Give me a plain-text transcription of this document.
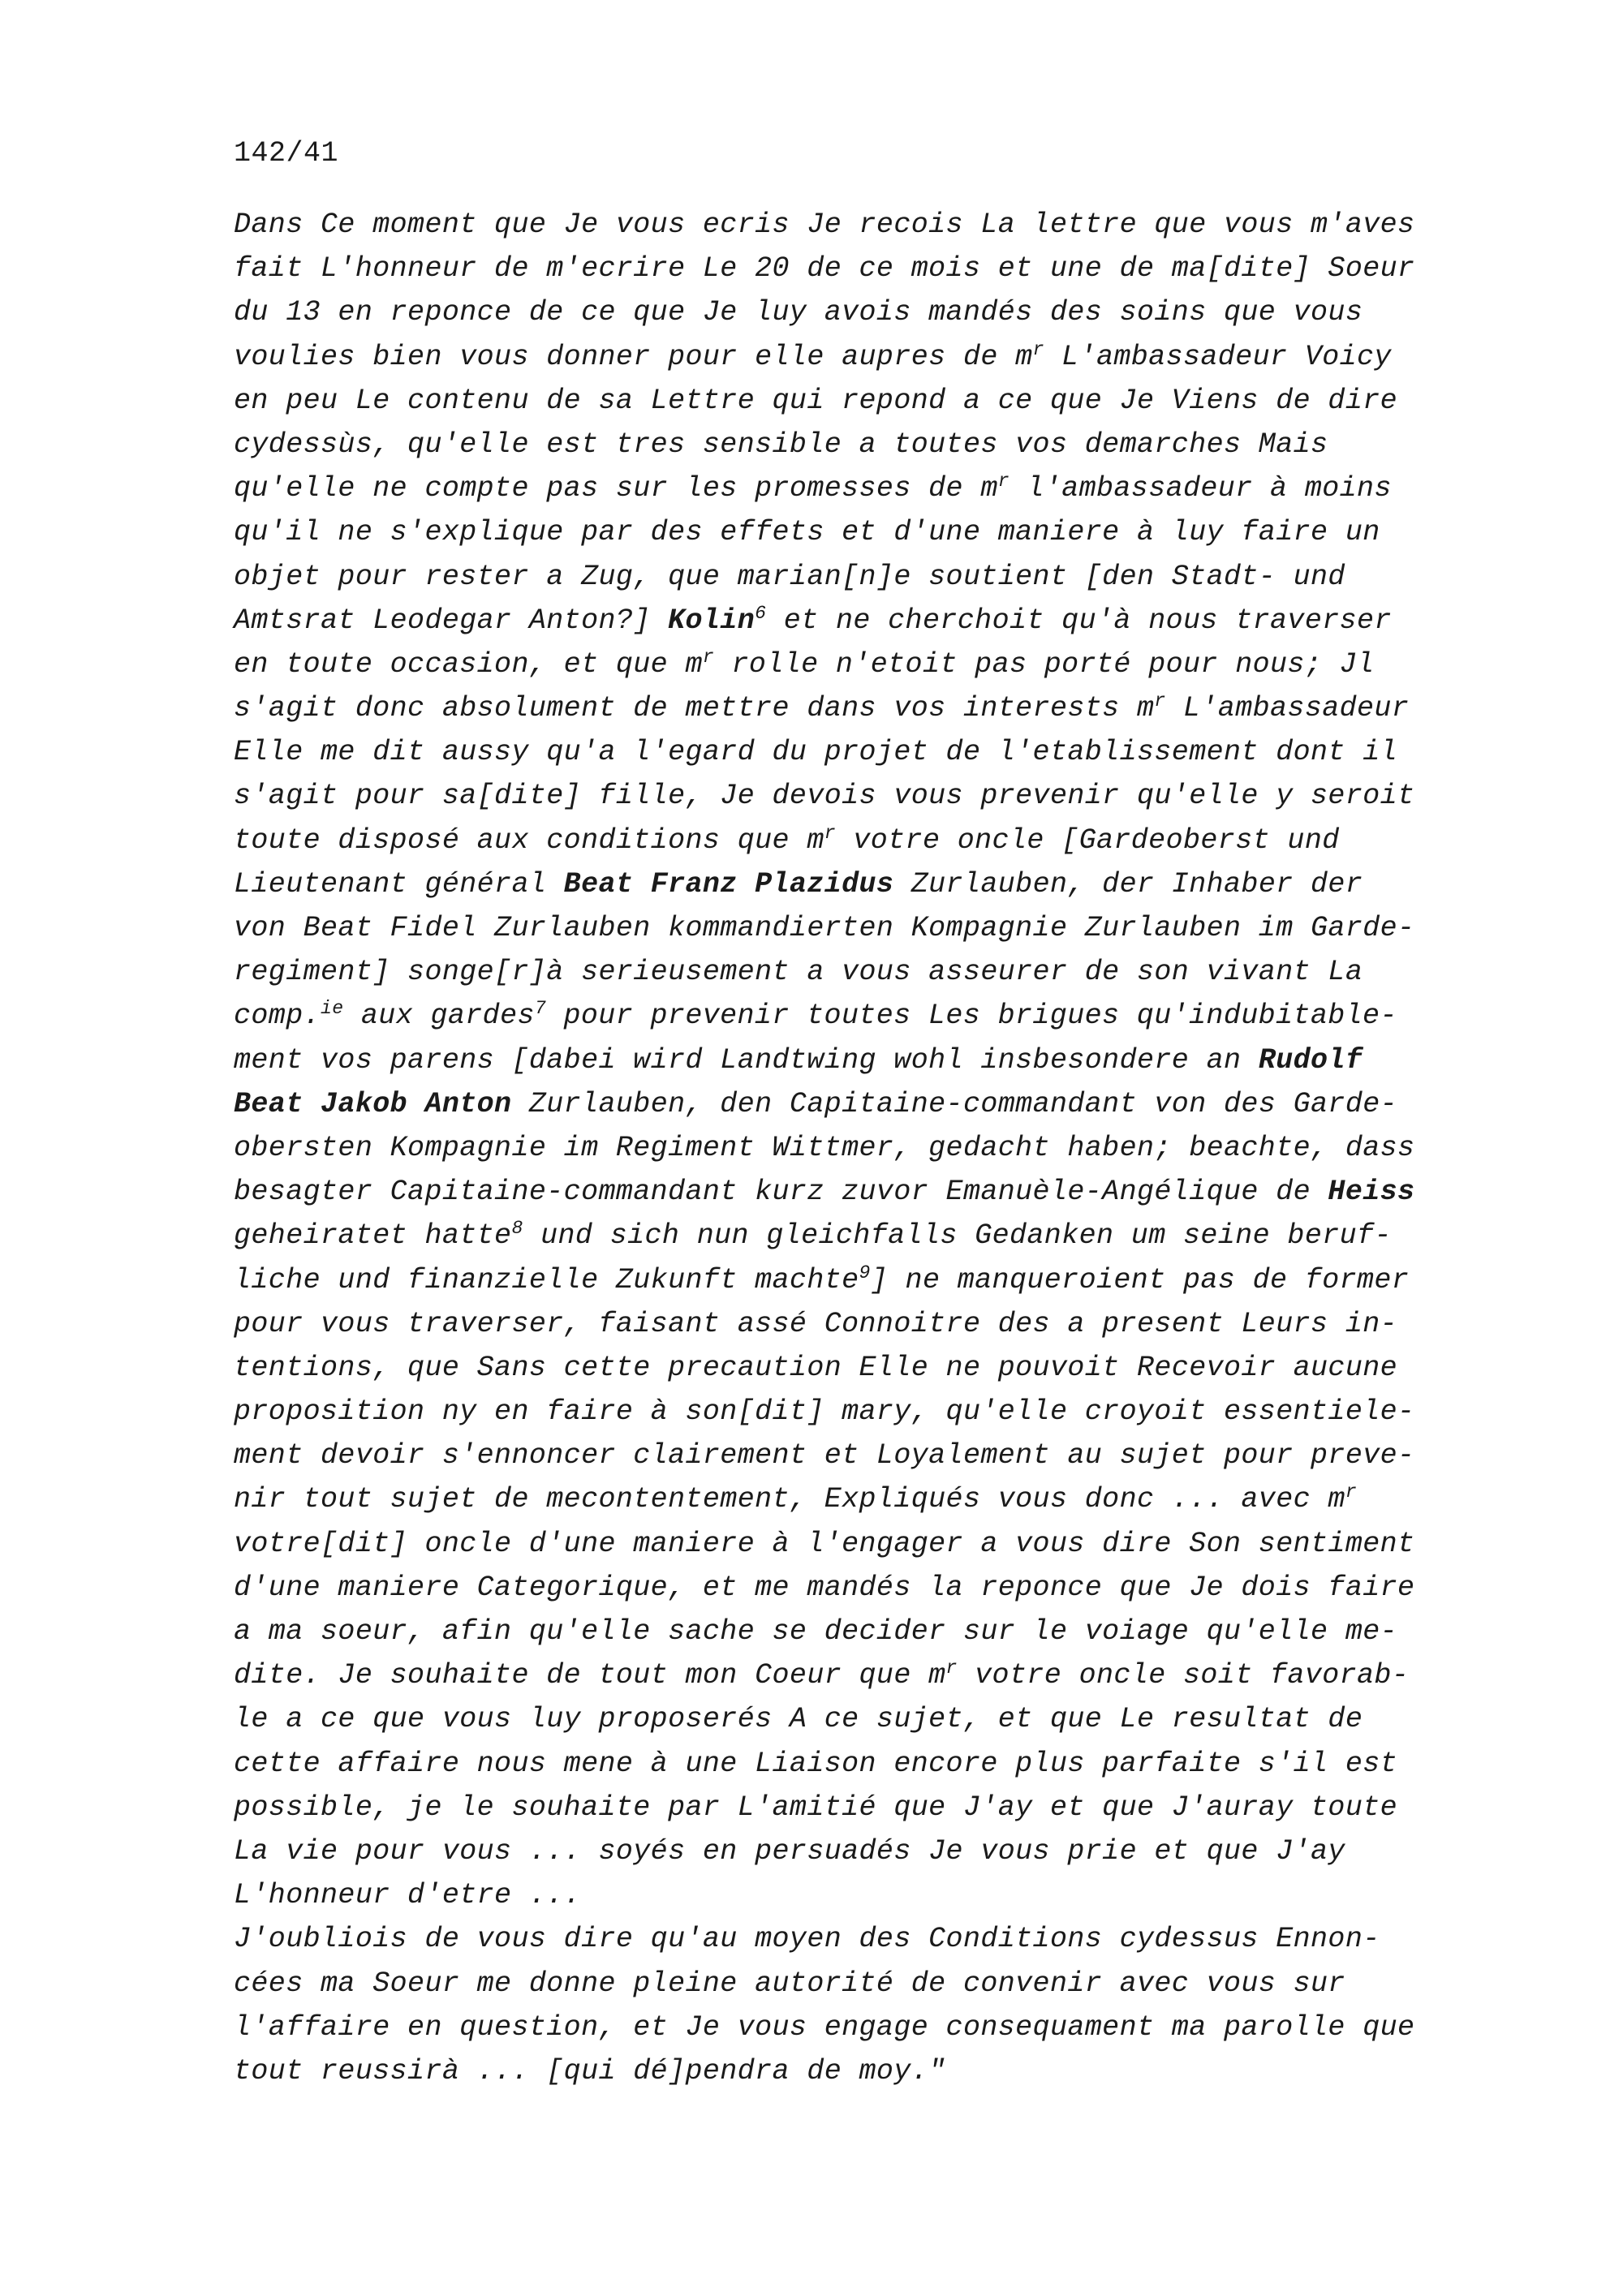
142/41
Dans Ce moment que Je vous ecris Je recois La lettre que vous m'aves
fait L'honneur de m'ecrire Le 20 de ce mois et une de ma[dite] Soeur
du 13 en reponce de ce que Je luy avois mandés des soins que vous
voulies bien vous donner pour elle aupres de $m^r$ L'ambassadeur Voicy
en peu Le contenu de sa Lettre qui repond a ce que Je Viens de dire
cydessùs, qu'elle est tres sensible a toutes vos demarches Mais
qu'elle ne compte pas sur les promesses de $m^r$ l'ambassadeur à moins
qu'il ne s'explique par des effets et d'une maniere à luy faire un
objet pour rester a Zug, que marian[n]e soutient [den Stadt- und
Amtsrat Leodegar Anton?] Kolin$^6$ et ne cherchoit qu'à nous traverser
en toute occasion, et que $m^r$ rolle n'etoit pas porté pour nous; Jl
s'agit donc absolument de mettre dans vos interests $m^r$ L'ambassadeur
Elle me dit aussy qu'a l'egard du projet de l'etablissement dont il
s'agit pour sa[dite] fille, Je devois vous prevenir qu'elle y seroit
toute disposé aux conditions que $m^r$ votre oncle [Gardeoberst und
Lieutenant général Beat Franz Plazidus Zurlauben, der Inhaber der
von Beat Fidel Zurlauben kommandierten Kompagnie Zurlauben im Garde-
regiment] songe[r]à serieusement a vous asseurer de son vivant La
comp.$^{ie}$ aux gardes$^7$ pour prevenir toutes Les brigues qu'indubitable-
ment vos parens [dabei wird Landtwing wohl insbesondere an Rudolf
Beat Jakob Anton Zurlauben, den Capitaine-commandant von des Garde-
obersten Kompagnie im Regiment Wittmer, gedacht haben; beachte, dass
besagter Capitaine-commandant kurz zuvor Emanuèle-Angélique de Heiss
geheiratet hatte$^8$ und sich nun gleichfalls Gedanken um seine beruf-
liche und finanzielle Zukunft machte$^9$] ne manqueroient pas de former
pour vous traverser, faisant assé Connoitre des a present Leurs in-
tentions, que Sans cette precaution Elle ne pouvoit Recevoir aucune
proposition ny en faire à son[dit] mary, qu'elle croyoit essentiele-
ment devoir s'ennoncer clairement et Loyalement au sujet pour preve-
nir tout sujet de mecontentement, Expliqués vous donc ... avec $m^r$
votre[dit] oncle d'une maniere à l'engager a vous dire Son sentiment
d'une maniere Categorique, et me mandés la reponce que Je dois faire
a ma soeur, afin qu'elle sache se decider sur le voiage qu'elle me-
dite. Je souhaite de tout mon Coeur que $m^r$ votre oncle soit favorab-
le a ce que vous luy proposerés A ce sujet, et que Le resultat de
cette affaire nous mene à une Liaison encore plus parfaite s'il est
possible, je le souhaite par L'amitié que J'ay et que J'auray toute
La vie pour vous ... soyés en persuadés Je vous prie et que J'ay
L'honneur d'etre ...
J'oubliois de vous dire qu'au moyen des Conditions cydessus Ennon-
cées ma Soeur me donne pleine autorité de convenir avec vous sur
l'affaire en question, et Je vous engage consequament ma parolle que
tout reussirà ... [qui dé]pendra de moy."
